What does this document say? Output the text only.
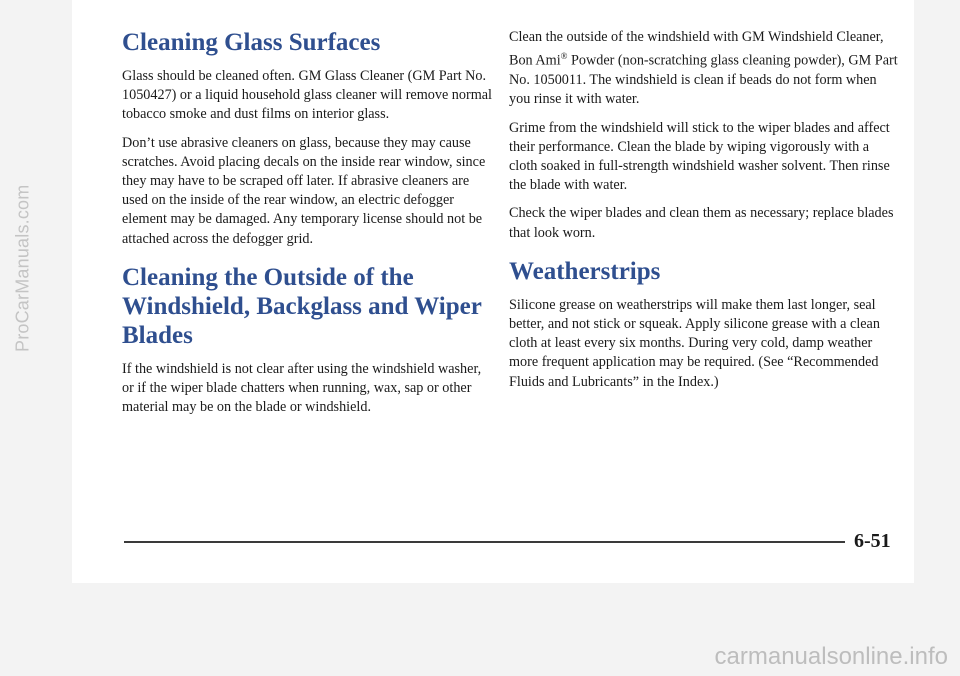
ProCarManuals.com
Cleaning Glass Surfaces

Glass should be cleaned often. GM Glass Cleaner (GM Part No. 1050427) or a liquid household glass cleaner will remove normal tobacco smoke and dust films on interior glass.

Don’t use abrasive cleaners on glass, because they may cause scratches. Avoid placing decals on the inside rear window, since they may have to be scraped off later. If abrasive cleaners are used on the inside of the rear window, an electric defogger element may be damaged. Any temporary license should not be attached across the defogger grid.

Cleaning the Outside of the Windshield, Backglass and Wiper Blades

If the windshield is not clear after using the windshield washer, or if the wiper blade chatters when running, wax, sap or other material may be on the blade or windshield.

Clean the outside of the windshield with GM Windshield Cleaner, Bon Ami® Powder (non-scratching glass cleaning powder), GM Part No. 1050011. The windshield is clean if beads do not form when you rinse it with water.

Grime from the windshield will stick to the wiper blades and affect their performance. Clean the blade by wiping vigorously with a cloth soaked in full-strength windshield washer solvent. Then rinse the blade with water.

Check the wiper blades and clean them as necessary; replace blades that look worn.

Weatherstrips

Silicone grease on weatherstrips will make them last longer, seal better, and not stick or squeak. Apply silicone grease with a clean cloth at least every six months. During very cold, damp weather more frequent application may be required. (See “Recommended Fluids and Lubricants” in the Index.)

6-51
carmanualsonline.info
